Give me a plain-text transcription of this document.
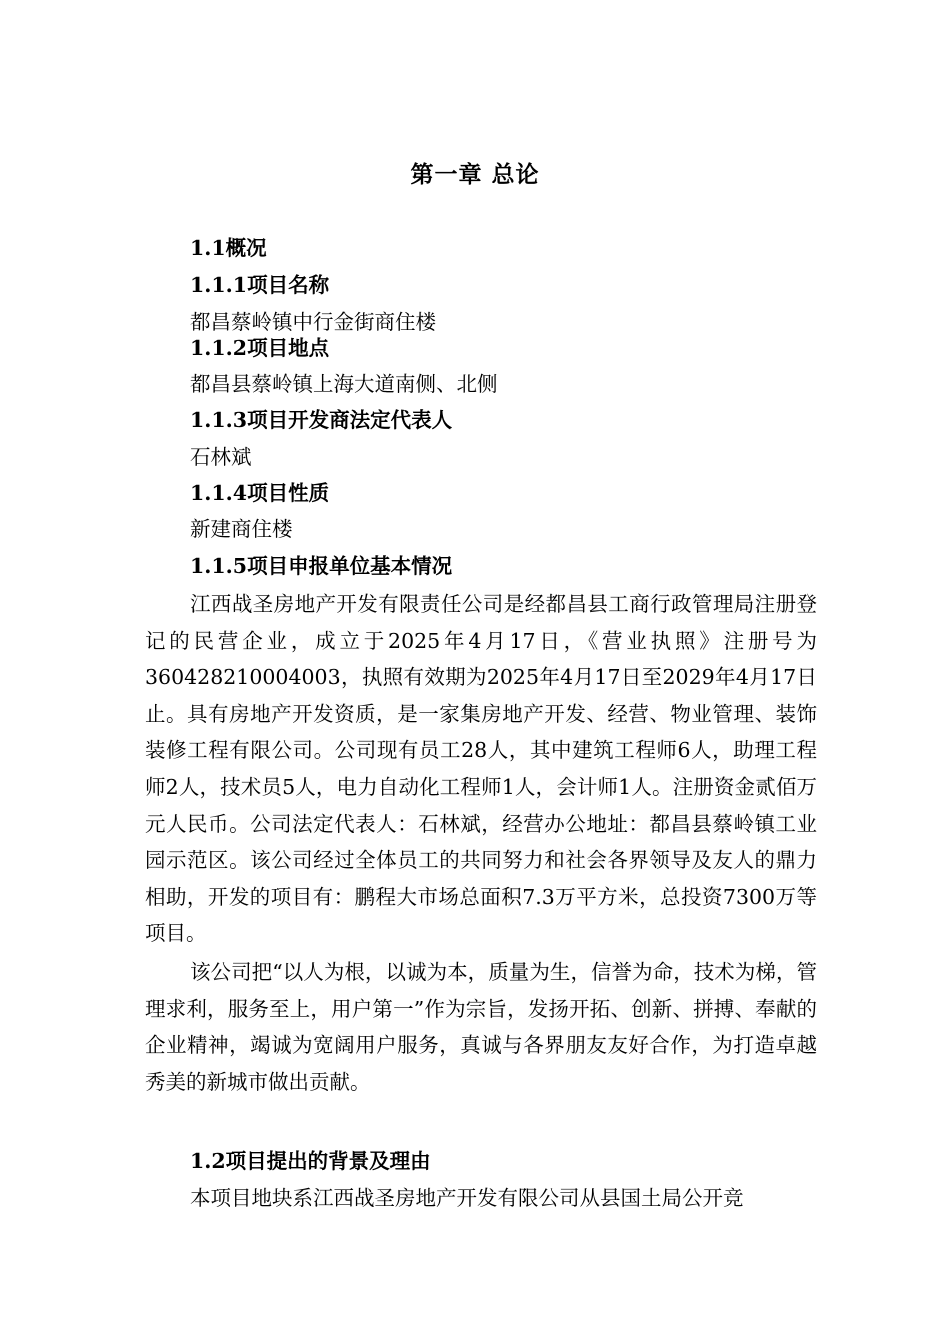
第一章 总论
1.1概况
1.1.1项目名称
都昌蔡岭镇中行金街商住楼
1.1.2项目地点
都昌县蔡岭镇上海大道南侧、北侧
1.1.3项目开发商法定代表人
石林斌
1.1.4项目性质
新建商住楼
1.1.5项目申报单位基本情况

江西战圣房地产开发有限责任公司是经都昌县工商行政管理局注册登记的民营企业，成立于2025年4月17日，《营业执照》注册号为360428210004003，执照有效期为2025年4月17日至2029年4月17日止。具有房地产开发资质，是一家集房地产开发、经营、物业管理、装饰装修工程有限公司。公司现有员工28人，其中建筑工程师6人，助理工程师2人，技术员5人，电力自动化工程师1人，会计师1人。注册资金贰佰万元人民币。公司法定代表人：石林斌，经营办公地址：都昌县蔡岭镇工业园示范区。该公司经过全体员工的共同努力和社会各界领导及友人的鼎力相助，开发的项目有：鹏程大市场总面积7.3万平方米，总投资7300万等项目。

该公司把“以人为根，以诚为本，质量为生，信誉为命，技术为梯，管理求利，服务至上，用户第一”作为宗旨，发扬开拓、创新、拼搏、奉献的企业精神，竭诚为宽阔用户服务，真诚与各界朋友友好合作，为打造卓越秀美的新城市做出贡献。

1.2项目提出的背景及理由

本项目地块系江西战圣房地产开发有限公司从县国土局公开竞
